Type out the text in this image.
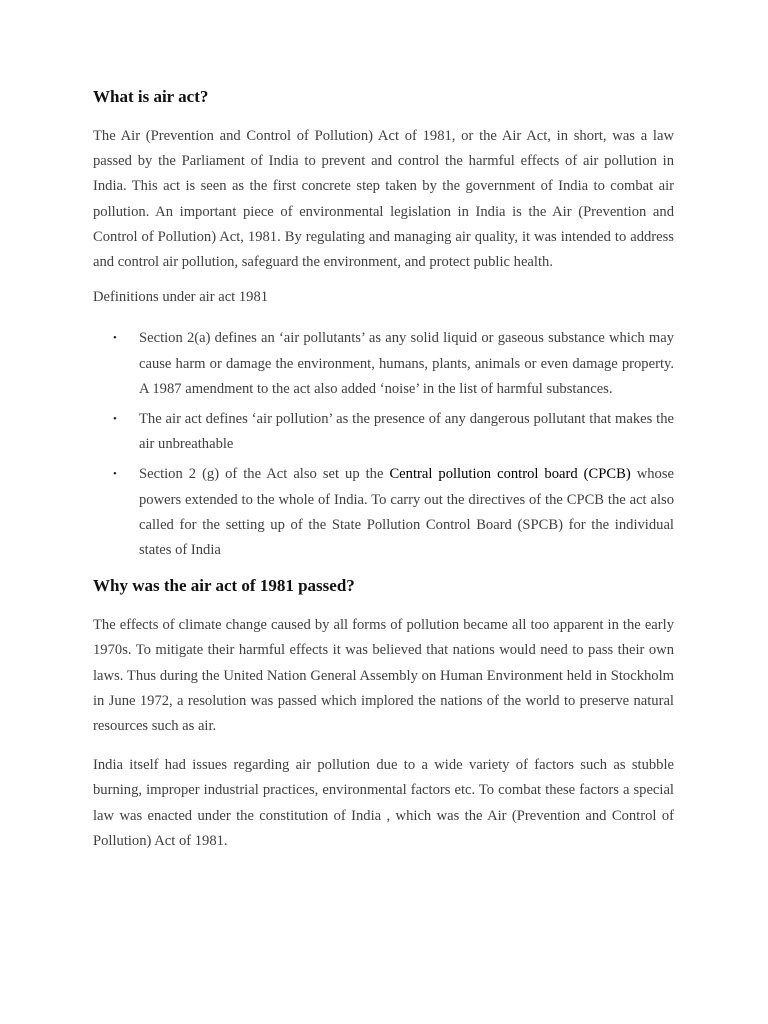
What is air act?

The Air (Prevention and Control of Pollution) Act of 1981, or the Air Act, in short, was a law passed by the Parliament of India to prevent and control the harmful effects of air pollution in India. This act is seen as the first concrete step taken by the government of India to combat air pollution. An important piece of environmental legislation in India is the Air (Prevention and Control of Pollution) Act, 1981. By regulating and managing air quality, it was intended to address and control air pollution, safeguard the environment, and protect public health.

Definitions under air act 1981

• Section 2(a) defines an ‘air pollutants’ as any solid liquid or gaseous substance which may cause harm or damage the environment, humans, plants, animals or even damage property. A 1987 amendment to the act also added ‘noise’ in the list of harmful substances.
• The air act defines ‘air pollution’ as the presence of any dangerous pollutant that makes the air unbreathable
• Section 2 (g) of the Act also set up the Central pollution control board (CPCB) whose powers extended to the whole of India. To carry out the directives of the CPCB the act also called for the setting up of the State Pollution Control Board (SPCB) for the individual states of India
Why was the air act of 1981 passed?

The effects of climate change caused by all forms of pollution became all too apparent in the early 1970s. To mitigate their harmful effects it was believed that nations would need to pass their own laws. Thus during the United Nation General Assembly on Human Environment held in Stockholm in June 1972, a resolution was passed which implored the nations of the world to preserve natural resources such as air.

India itself had issues regarding air pollution due to a wide variety of factors such as stubble burning, improper industrial practices, environmental factors etc. To combat these factors a special law was enacted under the constitution of India , which was the Air (Prevention and Control of Pollution) Act of 1981.
